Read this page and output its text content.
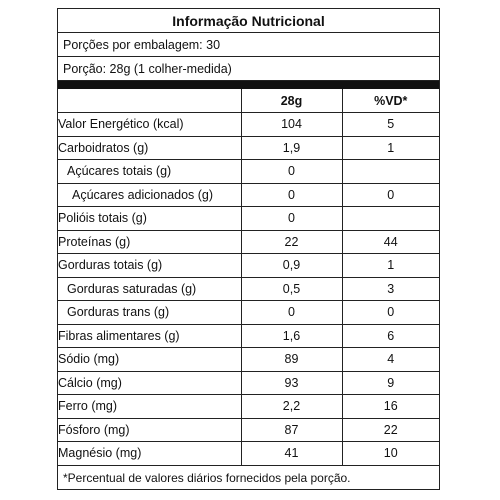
Informação Nutricional
Porções por embalagem: 30
Porção: 28g (1 colher-medida)
	28g	%VD*
Valor Energético (kcal)	104	5
Carboidratos (g)	1,9	1
Açúcares totais (g)	0	
Açúcares adicionados (g)	0	0
Polióis totais (g)	0	
Proteínas (g)	22	44
Gorduras totais (g)	0,9	1
Gorduras saturadas (g)	0,5	3
Gorduras trans (g)	0	0
Fibras alimentares (g)	1,6	6
Sódio (mg)	89	4
Cálcio (mg)	93	9
Ferro (mg)	2,2	16
Fósforo (mg)	87	22
Magnésio (mg)	41	10
*Percentual de valores diários fornecidos pela porção.
